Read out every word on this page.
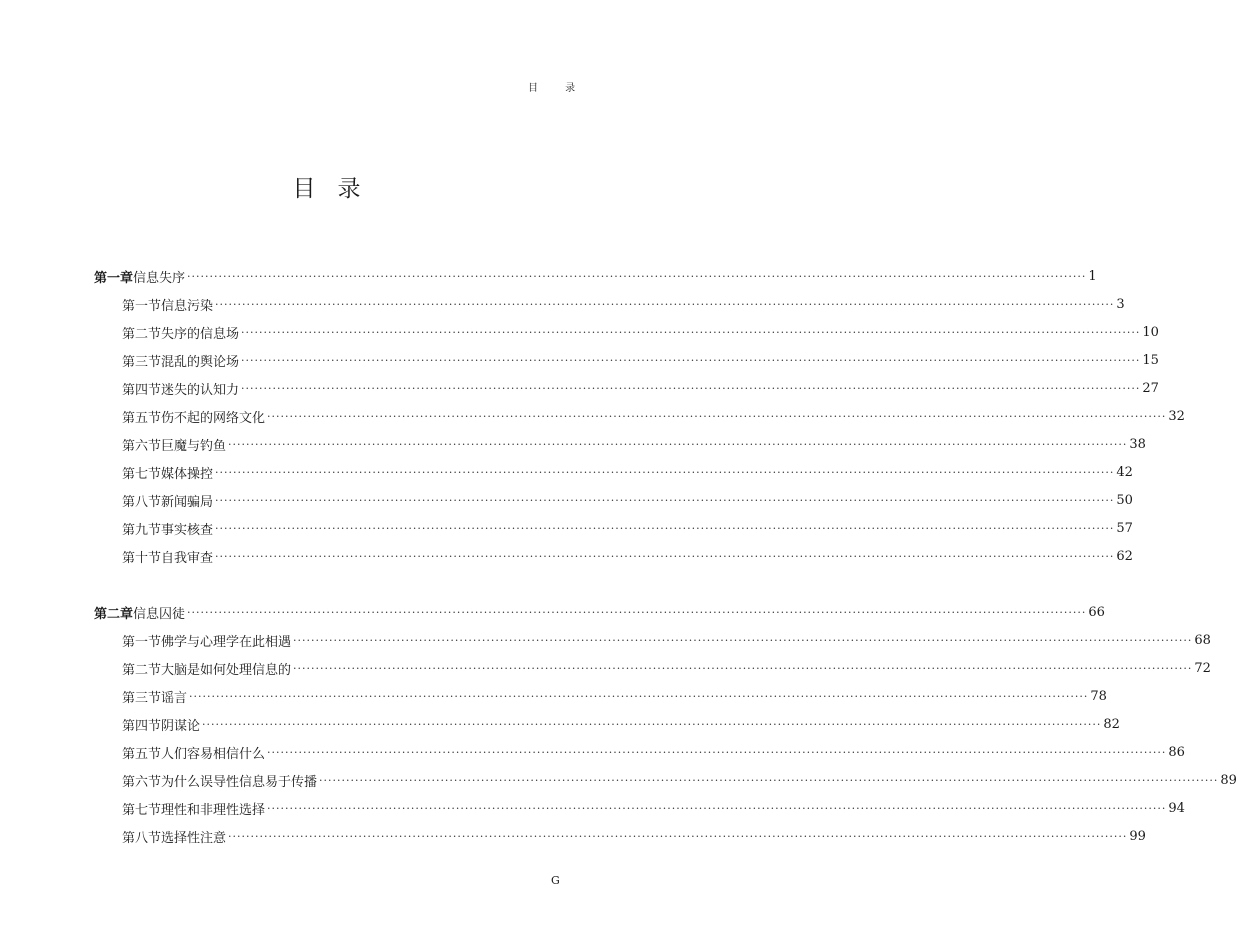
目 录
目 录
第一章 信息失序 ········································································································································································································ 1
第一节 信息污染 ········································································································································································································ 3
第二节 失序的信息场 ········································································································································································································ 10
第三节 混乱的舆论场 ········································································································································································································ 15
第四节 迷失的认知力 ········································································································································································································ 27
第五节 伤不起的网络文化 ········································································································································································································ 32
第六节 巨魔与钓鱼 ········································································································································································································ 38
第七节 媒体操控 ········································································································································································································ 42
第八节 新闻骗局 ········································································································································································································ 50
第九节 事实核查 ········································································································································································································ 57
第十节 自我审查 ········································································································································································································ 62
第二章 信息囚徒 ········································································································································································································ 66
第一节 佛学与心理学在此相遇 ········································································································································································································ 68
第二节 大脑是如何处理信息的 ········································································································································································································ 72
第三节 谣言 ········································································································································································································ 78
第四节 阴谋论 ········································································································································································································ 82
第五节 人们容易相信什么 ········································································································································································································ 86
第六节 为什么误导性信息易于传播 ········································································································································································································ 89
第七节 理性和非理性选择 ········································································································································································································ 94
第八节 选择性注意 ········································································································································································································ 99
G
